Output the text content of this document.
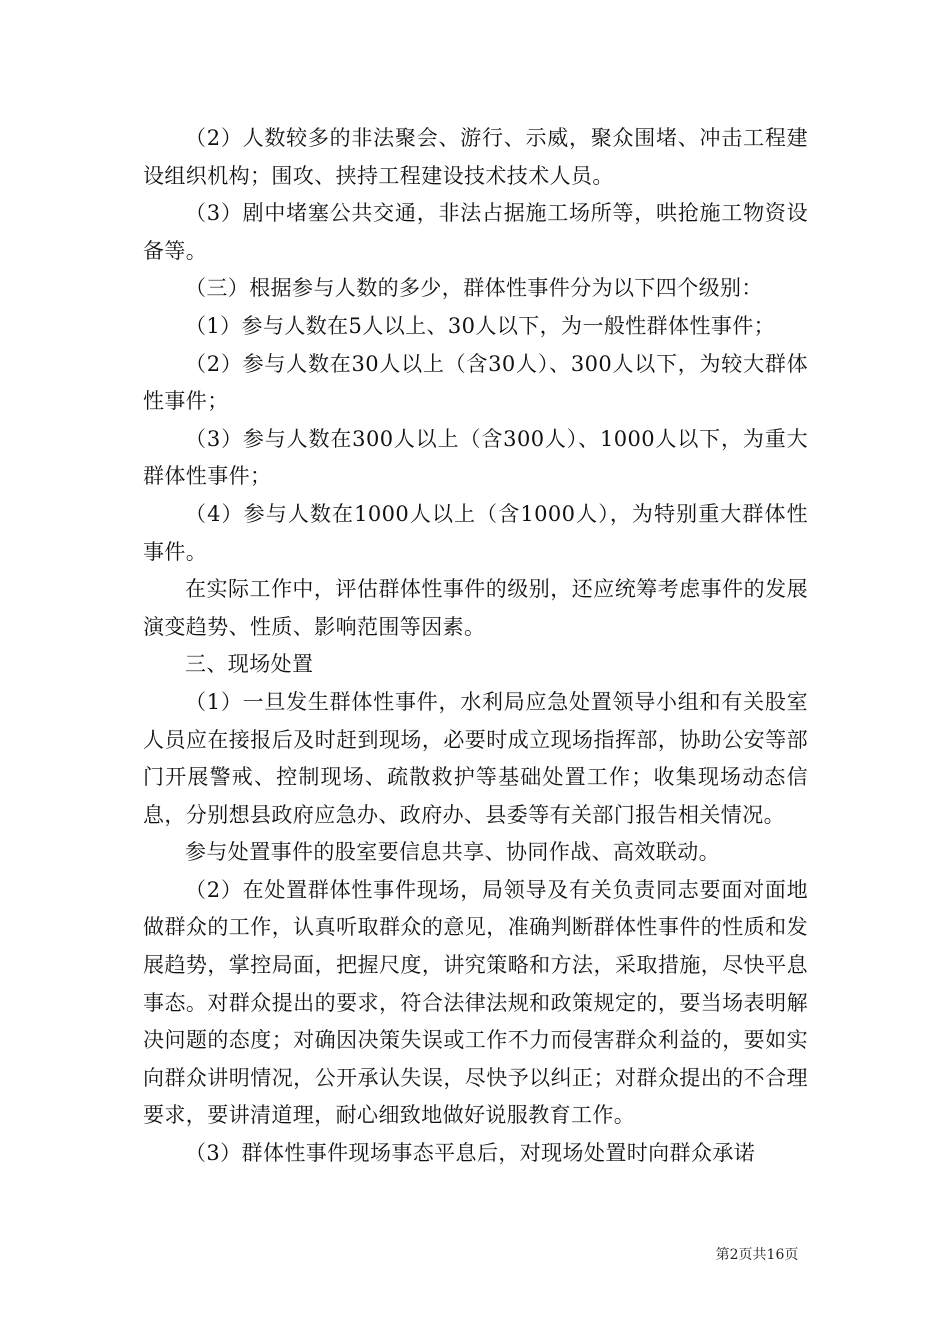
（2）人数较多的非法聚会、游行、示威，聚众围堵、冲击工程建设组织机构；围攻、挟持工程建设技术技术人员。

（3）剧中堵塞公共交通，非法占据施工场所等，哄抢施工物资设备等。

（三）根据参与人数的多少，群体性事件分为以下四个级别：

（1）参与人数在5人以上、30人以下，为一般性群体性事件；

（2）参与人数在30人以上（含30人）、300人以下，为较大群体性事件；

（3）参与人数在300人以上（含300人）、1000人以下，为重大群体性事件；

（4）参与人数在1000人以上（含1000人），为特别重大群体性事件。

在实际工作中，评估群体性事件的级别，还应统筹考虑事件的发展演变趋势、性质、影响范围等因素。

三、现场处置

（1）一旦发生群体性事件，水利局应急处置领导小组和有关股室人员应在接报后及时赶到现场，必要时成立现场指挥部，协助公安等部门开展警戒、控制现场、疏散救护等基础处置工作；收集现场动态信息，分别想县政府应急办、政府办、县委等有关部门报告相关情况。

参与处置事件的股室要信息共享、协同作战、高效联动。

（2）在处置群体性事件现场，局领导及有关负责同志要面对面地做群众的工作，认真听取群众的意见，准确判断群体性事件的性质和发展趋势，掌控局面，把握尺度，讲究策略和方法，采取措施，尽快平息事态。对群众提出的要求，符合法律法规和政策规定的，要当场表明解决问题的态度；对确因决策失误或工作不力而侵害群众利益的，要如实向群众讲明情况，公开承认失误，尽快予以纠正；对群众提出的不合理要求，要讲清道理，耐心细致地做好说服教育工作。

（3）群体性事件现场事态平息后，对现场处置时向群众承诺

第2页共16页
